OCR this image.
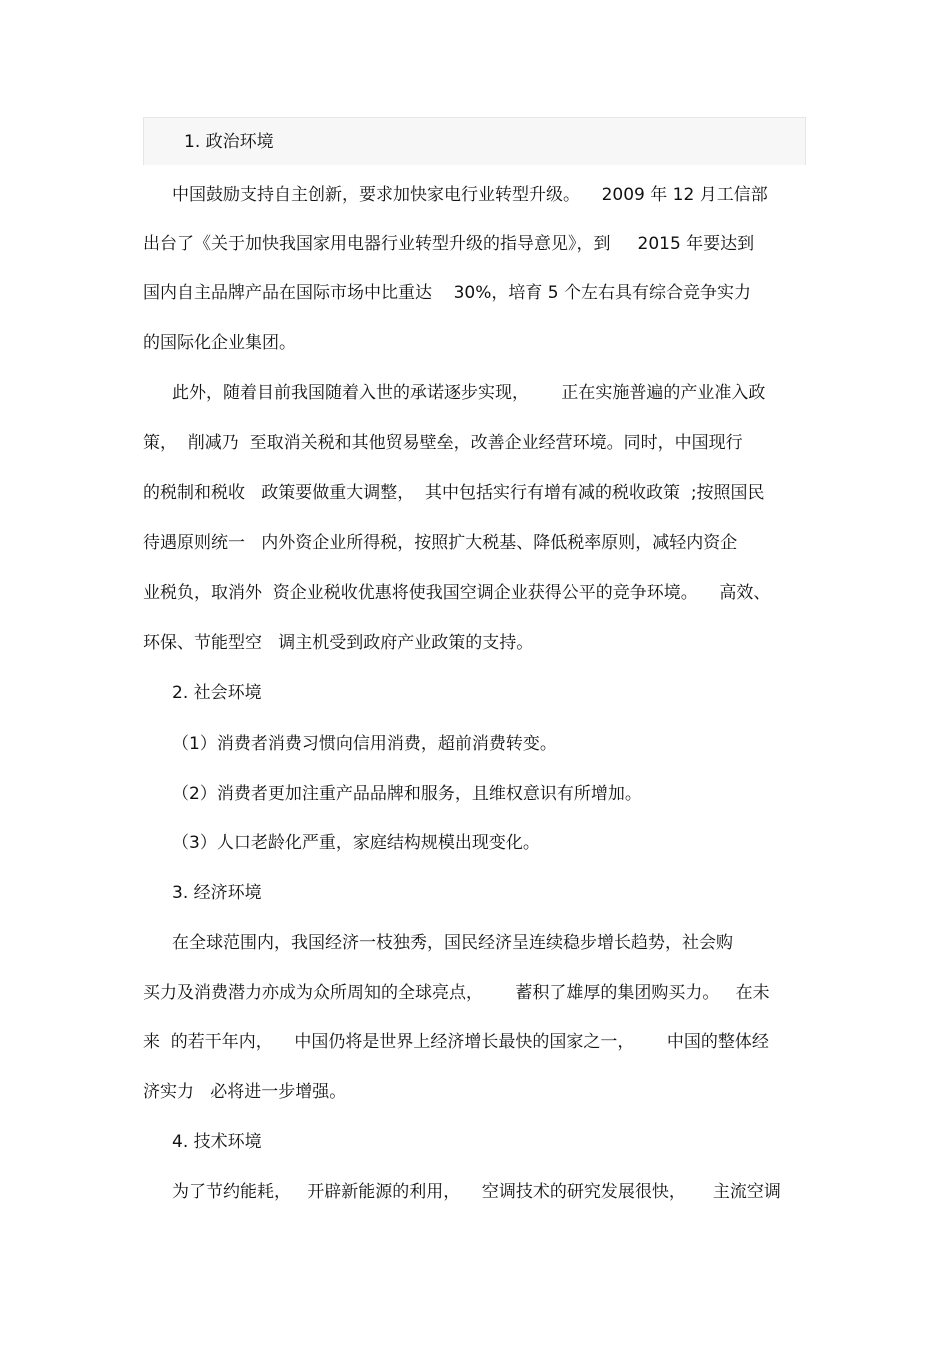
1. 政治环境
中国鼓励支持自主创新，要求加快家电行业转型升级。    2009 年 12 月工信部
出台了《关于加快我国家用电器行业转型升级的指导意见》，到     2015 年要达到
国内自主品牌产品在国际市场中比重达    30%，培育 5 个左右具有综合竞争实力
的国际化企业集团。
此外，随着目前我国随着入世的承诺逐步实现，      正在实施普遍的产业准入政
策，  削减乃  至取消关税和其他贸易壁垒，改善企业经营环境。同时，中国现行
的税制和税收   政策要做重大调整，  其中包括实行有增有减的税收政策  ;按照国民
待遇原则统一   内外资企业所得税，按照扩大税基、降低税率原则，减轻内资企
业税负，取消外  资企业税收优惠将使我国空调企业获得公平的竞争环境。    高效、
环保、节能型空   调主机受到政府产业政策的支持。
2. 社会环境
（1）消费者消费习惯向信用消费，超前消费转变。
（2）消费者更加注重产品品牌和服务，且维权意识有所增加。
（3）人口老龄化严重，家庭结构规模出现变化。
3. 经济环境
在全球范围内，我国经济一枝独秀，国民经济呈连续稳步增长趋势，社会购
买力及消费潜力亦成为众所周知的全球亮点，      蓄积了雄厚的集团购买力。   在未
来  的若干年内，    中国仍将是世界上经济增长最快的国家之一，      中国的整体经
济实力   必将进一步增强。
4. 技术环境
为了节约能耗，   开辟新能源的利用，    空调技术的研究发展很快，     主流空调
